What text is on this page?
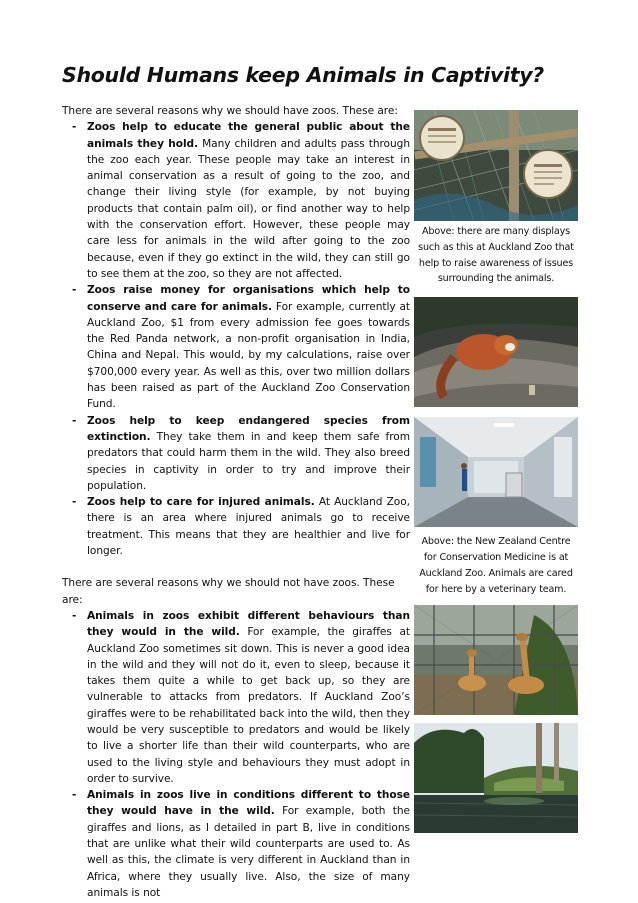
Should Humans keep Animals in Captivity?

There are several reasons why we should have zoos. These are:

- Zoos help to educate the general public about the animals they hold. Many children and adults pass through the zoo each year. These people may take an interest in animal conservation as a result of going to the zoo, and change their living style (for example, by not buying products that contain palm oil), or find another way to help with the conservation effort. However, these people may care less for animals in the wild after going to the zoo because, even if they go extinct in the wild, they can still go to see them at the zoo, so they are not affected.
- Zoos raise money for organisations which help to conserve and care for animals. For example, currently at Auckland Zoo, $1 from every admission fee goes towards the Red Panda network, a non-profit organisation in India, China and Nepal. This would, by my calculations, raise over $700,000 every year. As well as this, over two million dollars has been raised as part of the Auckland Zoo Conservation Fund.
- Zoos help to keep endangered species from extinction. They take them in and keep them safe from predators that could harm them in the wild. They also breed species in captivity in order to try and improve their population.
- Zoos help to care for injured animals. At Auckland Zoo, there is an area where injured animals go to receive treatment. This means that they are healthier and live for longer.

There are several reasons why we should not have zoos. These are:

- Animals in zoos exhibit different behaviours than they would in the wild. For example, the giraffes at Auckland Zoo sometimes sit down. This is never a good idea in the wild and they will not do it, even to sleep, because it takes them quite a while to get back up, so they are vulnerable to attacks from predators. If Auckland Zoo’s giraffes were to be rehabilitated back into the wild, then they would be very susceptible to predators and would be likely to live a shorter life than their wild counterparts, who are used to the living style and behaviours they must adopt in order to survive.
- Animals in zoos live in conditions different to those they would have in the wild. For example, both the giraffes and lions, as I detailed in part B, live in conditions that are unlike what their wild counterparts are used to. As well as this, the climate is very different in Auckland than in Africa, where they usually live. Also, the size of many animals is not

Above: there are many displays such as this at Auckland Zoo that help to raise awareness of issues surrounding the animals.

Above: the New Zealand Centre for Conservation Medicine is at Auckland Zoo. Animals are cared for here by a veterinary team.
